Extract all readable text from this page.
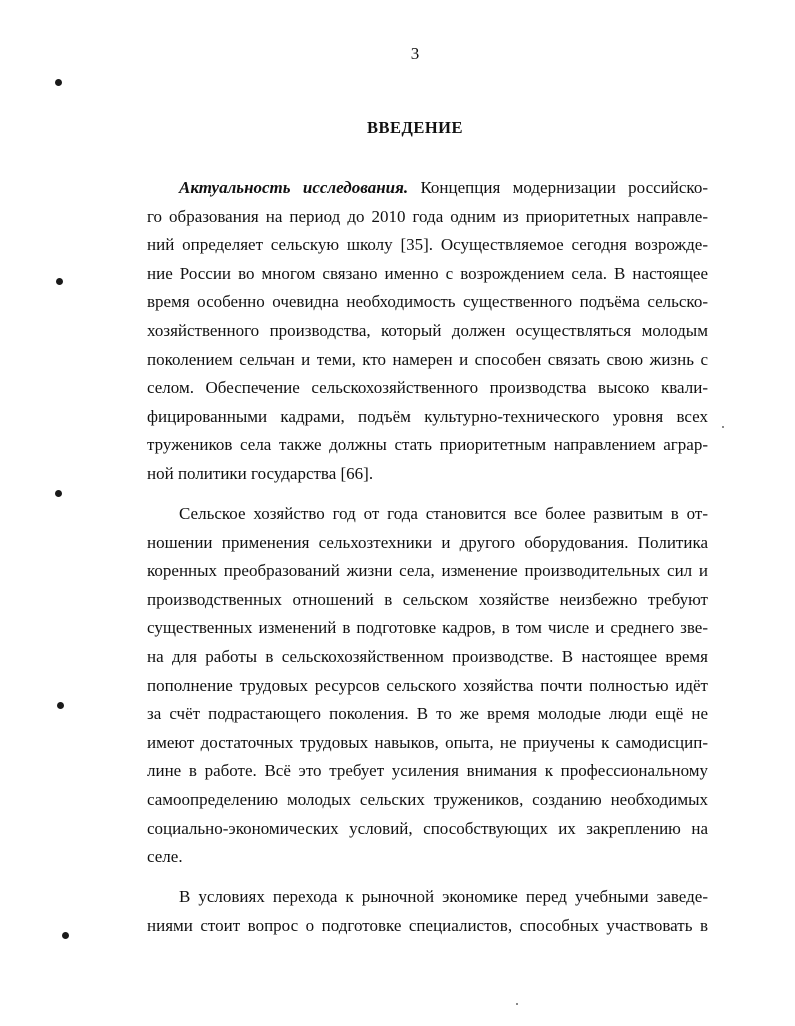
3
ВВЕДЕНИЕ
Актуальность исследования. Концепция модернизации российско-
го образования на период до 2010 года одним из приоритетных направле-
ний определяет сельскую школу [35]. Осуществляемое сегодня возрожде-
ние России во многом связано именно с возрождением села. В настоящее
время особенно очевидна необходимость существенного подъёма сельско-
хозяйственного производства, который должен осуществляться молодым
поколением сельчан и теми, кто намерен и способен связать свою жизнь с
селом. Обеспечение сельскохозяйственного производства высоко квали-
фицированными кадрами, подъём культурно-технического уровня всех
тружеников села также должны стать приоритетным направлением аграр-
ной политики государства [66].
Сельское хозяйство год от года становится все более развитым в от-
ношении применения сельхозтехники и другого оборудования. Политика
коренных преобразований жизни села, изменение производительных сил и
производственных отношений в сельском хозяйстве неизбежно требуют
существенных изменений в подготовке кадров, в том числе и среднего зве-
на для работы в сельскохозяйственном производстве. В настоящее время
пополнение трудовых ресурсов сельского хозяйства почти полностью идёт
за счёт подрастающего поколения. В то же время молодые люди ещё не
имеют достаточных трудовых навыков, опыта, не приучены к самодисцип-
лине в работе. Всё это требует усиления внимания к профессиональному
самоопределению молодых сельских тружеников, созданию необходимых
социально-экономических условий, способствующих их закреплению на
селе.
В условиях перехода к рыночной экономике перед учебными заведе-
ниями стоит вопрос о подготовке специалистов, способных участвовать в
